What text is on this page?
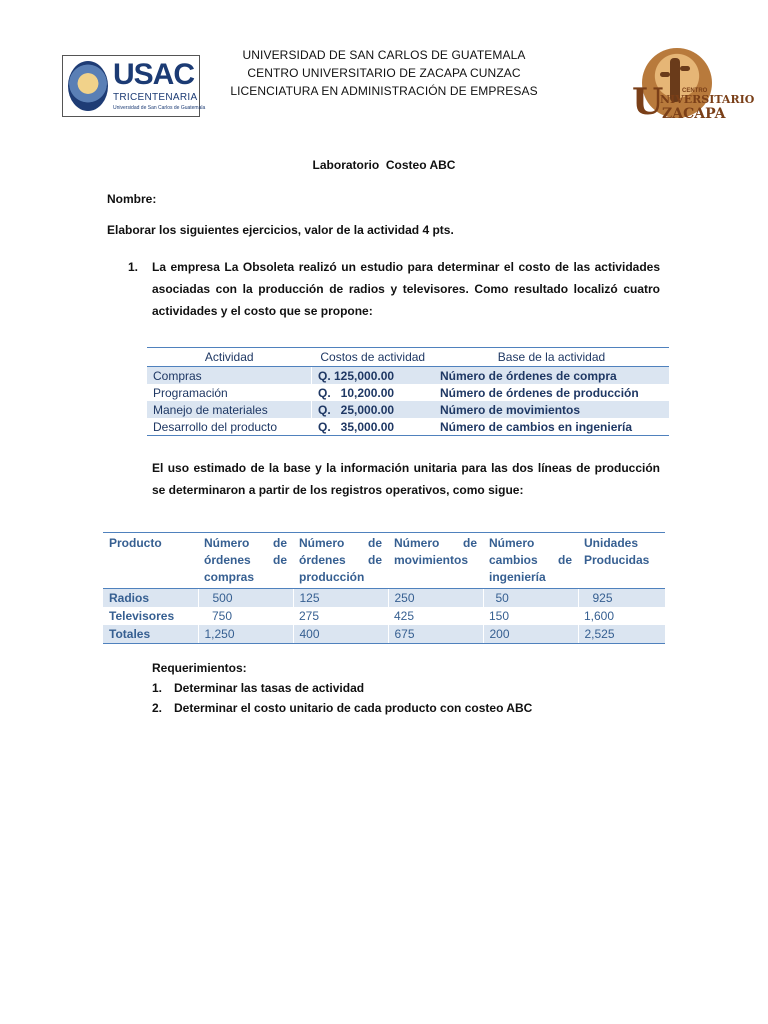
USAC
TRICENTENARIA
Universidad de San Carlos de Guatemala	U	CENTRO
NIVERSITARIO
ZACAPA
UNIVERSIDAD DE SAN CARLOS DE GUATEMALA
CENTRO UNIVERSITARIO DE ZACAPA CUNZAC
LICENCIATURA EN ADMINISTRACIÓN DE EMPRESAS
Laboratorio  Costeo ABC
Nombre:
Elaborar los siguientes ejercicios, valor de la actividad 4 pts.
1. La empresa La Obsoleta realizó un estudio para determinar el costo de las actividades asociadas con la producción de radios y televisores. Como resultado localizó cuatro actividades y el costo que se propone:
Actividad	Costos de actividad	Base de la actividad
Compras	Q. 125,000.00	Número de órdenes de compra
Programación	Q.   10,200.00	Número de órdenes de producción
Manejo de materiales	Q.   25,000.00	Número de movimientos
Desarrollo del producto	Q.   35,000.00	Número de cambios en ingeniería
El uso estimado de la base y la información unitaria para las dos líneas de producción se determinaron a partir de los registros operativos, como sigue:
Producto	Número de órdenes de compras	Número de órdenes de producción	Número de movimientos	Número cambios de ingeniería	Unidades Producidas
Radios	500	125	250	50	925
Televisores	750	275	425	150	1,600
Totales	1,250	400	675	200	2,525
Requerimientos:
1. Determinar las tasas de actividad
2. Determinar el costo unitario de cada producto con costeo ABC
